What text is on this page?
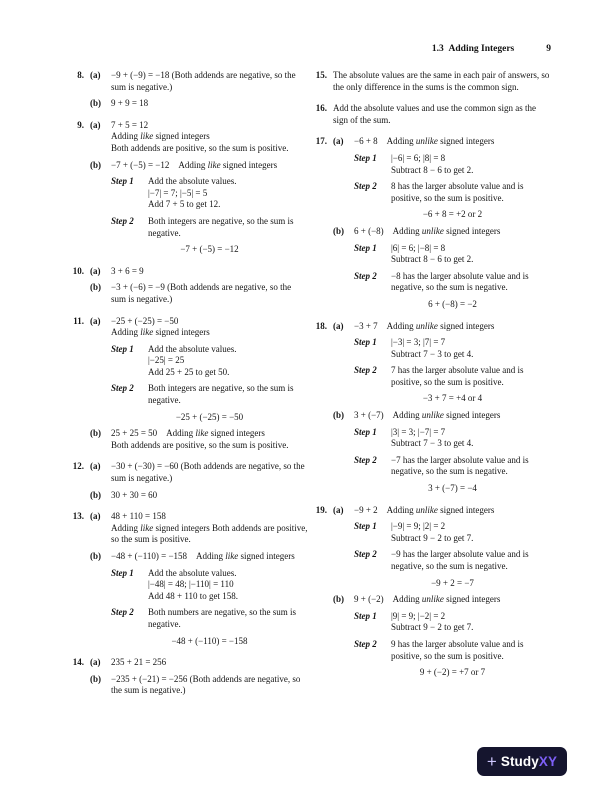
1.3 Adding Integers	9
8. (a)	−9 + (−9) = −18 (Both addends are negative, so the sum is negative.)
(b)	9 + 9 = 18
9. (a)	7 + 5 = 12
Adding like signed integers
Both addends are positive, so the sum is positive.
(b)	−7 + (−5) = −12  Adding like signed integers
Step 1	Add the absolute values.
|−7| = 7; |−5| = 5
Add 7 + 5 to get 12.
Step 2	Both integers are negative, so the sum is negative.
−7 + (−5) = −12
10. (a)	3 + 6 = 9
(b)	−3 + (−6) = −9 (Both addends are negative, so the sum is negative.)
11. (a)	−25 + (−25) = −50
Adding like signed integers
Step 1	Add the absolute values.
|−25| = 25
Add 25 + 25 to get 50.
Step 2	Both integers are negative, so the sum is negative.
−25 + (−25) = −50
(b)	25 + 25 = 50  Adding like signed integers
Both addends are positive, so the sum is positive.
12. (a)	−30 + (−30) = −60 (Both addends are negative, so the sum is negative.)
(b)	30 + 30 = 60
13. (a)	48 + 110 = 158
Adding like signed integers Both addends are positive, so the sum is positive.
(b)	−48 + (−110) = −158  Adding like signed integers
Step 1	Add the absolute values.
|−48| = 48; |−110| = 110
Add 48 + 110 to get 158.
Step 2	Both numbers are negative, so the sum is negative.
−48 + (−110) = −158
14. (a)	235 + 21 = 256
(b)	−235 + (−21) = −256 (Both addends are negative, so the sum is negative.)
15. The absolute values are the same in each pair of answers, so the only difference in the sums is the common sign.
16. Add the absolute values and use the common sign as the sign of the sum.
17. (a)	−6 + 8  Adding unlike signed integers
Step 1	|−6| = 6; |8| = 8
Subtract 8 − 6 to get 2.
Step 2	8 has the larger absolute value and is positive, so the sum is positive.
−6 + 8 = +2 or 2
(b)	6 + (−8)  Adding unlike signed integers
Step 1	|6| = 6; |−8| = 8
Subtract 8 − 6 to get 2.
Step 2	−8 has the larger absolute value and is negative, so the sum is negative.
6 + (−8) = −2
18. (a)	−3 + 7  Adding unlike signed integers
Step 1	|−3| = 3; |7| = 7
Subtract 7 − 3 to get 4.
Step 2	7 has the larger absolute value and is positive, so the sum is positive.
−3 + 7 = +4 or 4
(b)	3 + (−7)  Adding unlike signed integers
Step 1	|3| = 3; |−7| = 7
Subtract 7 − 3 to get 4.
Step 2	−7 has the larger absolute value and is negative, so the sum is negative.
3 + (−7) = −4
19. (a)	−9 + 2  Adding unlike signed integers
Step 1	|−9| = 9; |2| = 2
Subtract 9 − 2 to get 7.
Step 2	−9 has the larger absolute value and is negative, so the sum is negative.
−9 + 2 = −7
(b)	9 + (−2)  Adding unlike signed integers
Step 1	|9| = 9; |−2| = 2
Subtract 9 − 2 to get 7.
Step 2	9 has the larger absolute value and is positive, so the sum is positive.
9 + (−2) = +7 or 7
+ Study XY
